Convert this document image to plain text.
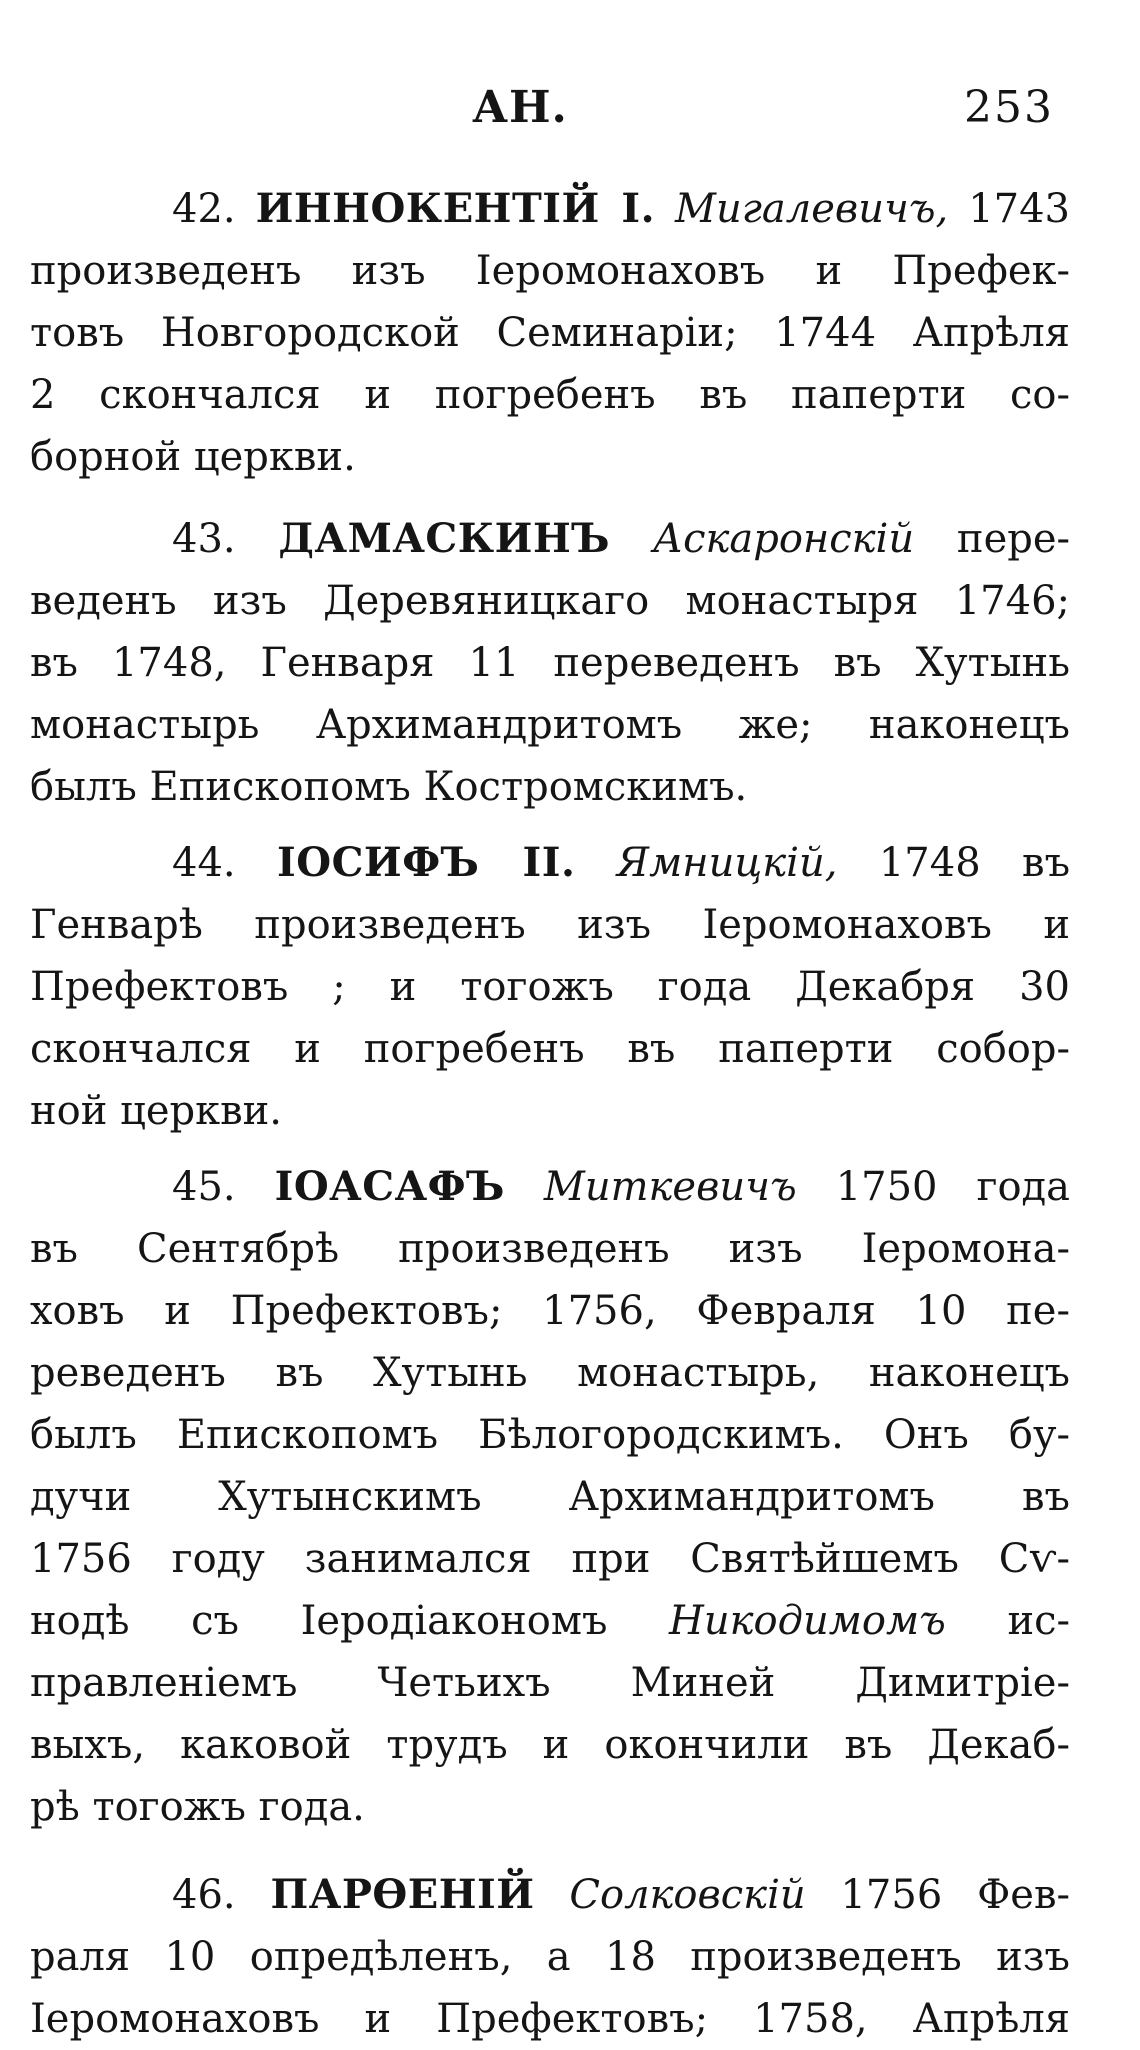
АН.	253
42. ИННОКЕНТІЙ I. Мигалевичъ, 1743
произведенъ изъ Іеромонаховъ и Префек-
товъ Новгородской Семинаріи; 1744 Апрѣля
2 скончался и погребенъ въ паперти со-
борной церкви.
43. ДАМАСКИНЪ Аскаронскій пере-
веденъ изъ Деревяницкаго монастыря 1746;
въ 1748, Генваря 11 переведенъ въ Хутынь
монастырь Архимандритомъ же; наконецъ
былъ Епископомъ Костромскимъ.
44. ІОСИФЪ II. Ямницкій, 1748 въ
Генварѣ произведенъ изъ Іеромонаховъ и
Префектовъ ; и тогожъ года Декабря 30
скончался и погребенъ въ паперти собор-
ной церкви.
45. ІОАСАФЪ Миткевичъ 1750 года
въ Сентябрѣ произведенъ изъ Іеромона-
ховъ и Префектовъ; 1756, Февраля 10 пе-
реведенъ въ Хутынь монастырь, наконецъ
былъ Епископомъ Бѣлогородскимъ. Онъ бу-
дучи Хутынскимъ Архимандритомъ въ
1756 году занимался при Святѣйшемъ Сѵ-
нодѣ съ Іеродіакономъ Никодимомъ ис-
правленіемъ Четьихъ Миней Димитріе-
выхъ, каковой трудъ и окончили въ Декаб-
рѣ тогожъ года.
46. ПАРѲЕНІЙ Солковскій 1756 Фев-
раля 10 опредѣленъ, а 18 произведенъ изъ
Іеромонаховъ и Префектовъ; 1758, Апрѣля
